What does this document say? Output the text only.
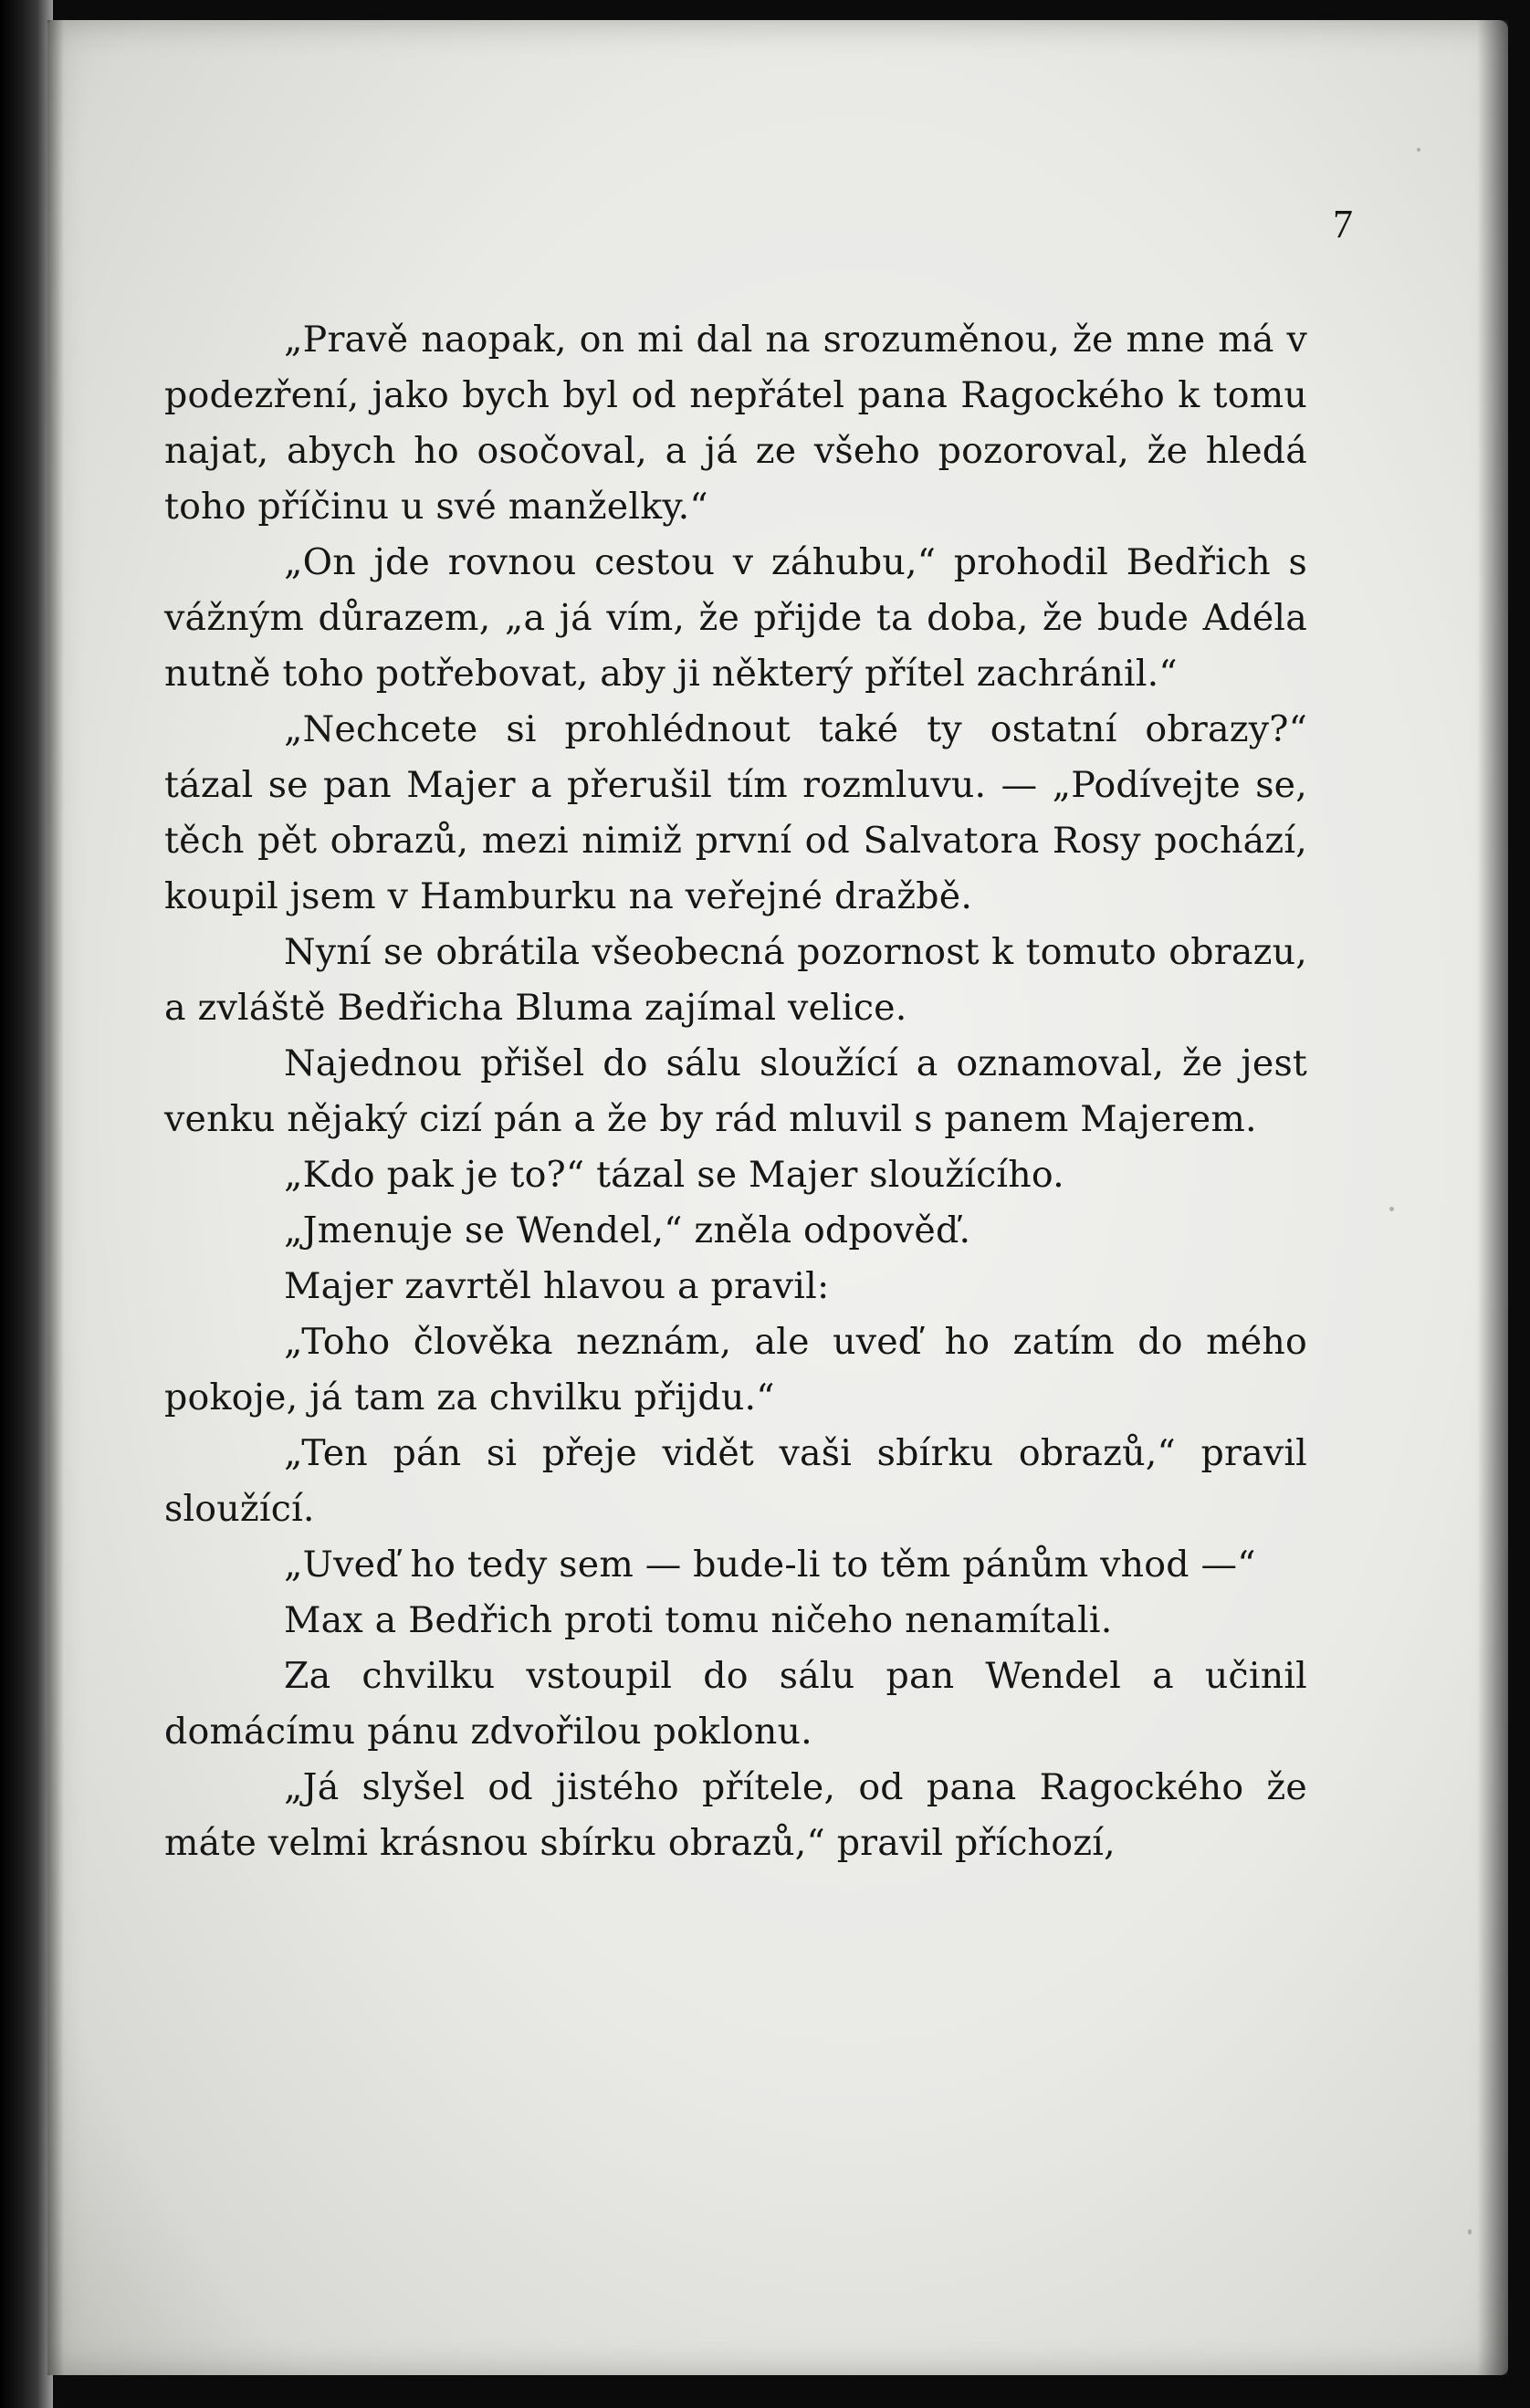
7

„Pravě naopak, on mi dal na srozuměnou, že mne má v podezření, jako bych byl od nepřátel pana Ragockého k tomu najat, abych ho osočoval, a já ze všeho pozoroval, že hledá toho příčinu u své manželky.“

„On jde rovnou cestou v záhubu,“ prohodil Bedřich s vážným důrazem, „a já vím, že přijde ta doba, že bude Adéla nutně toho potřebovat, aby ji některý přítel zachránil.“

„Nechcete si prohlédnout také ty ostatní obrazy?“ tázal se pan Majer a přerušil tím rozmluvu. — „Podívejte se, těch pět obrazů, mezi nimiž první od Salvatora Rosy pochází, koupil jsem v Hamburku na veřejné dražbě.

Nyní se obrátila všeobecná pozornost k tomuto obrazu, a zvláště Bedřicha Bluma zajímal velice.

Najednou přišel do sálu sloužící a oznamoval, že jest venku nějaký cizí pán a že by rád mluvil s panem Majerem.

„Kdo pak je to?“ tázal se Majer sloužícího.

„Jmenuje se Wendel,“ zněla odpověď.

Majer zavrtěl hlavou a pravil:

„Toho člověka neznám, ale uveď ho zatím do mého pokoje, já tam za chvilku přijdu.“

„Ten pán si přeje vidět vaši sbírku obrazů,“ pravil sloužící.

„Uveď ho tedy sem — bude-li to těm pánům vhod —“

Max a Bedřich proti tomu ničeho nenamítali.

Za chvilku vstoupil do sálu pan Wendel a učinil domácímu pánu zdvořilou poklonu.

„Já slyšel od jistého přítele, od pana Ragockého že máte velmi krásnou sbírku obrazů,“ pravil příchozí,
